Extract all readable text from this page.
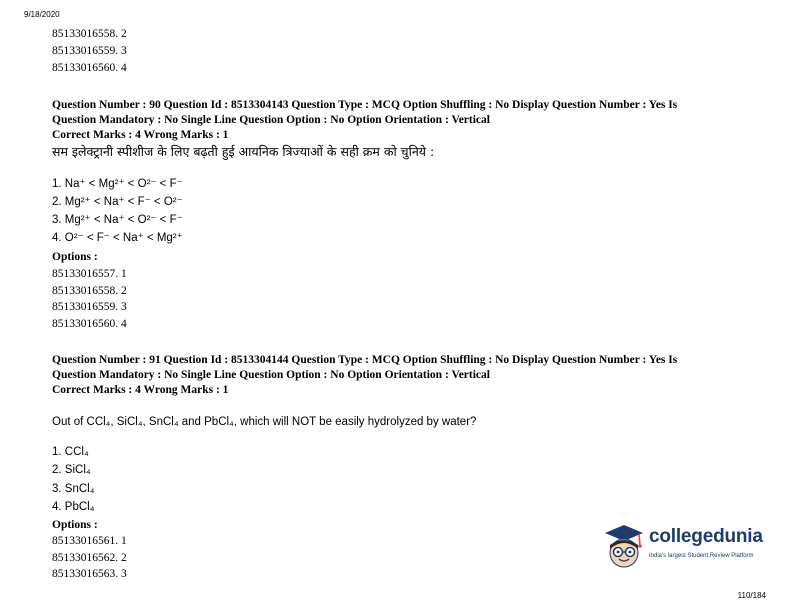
9/18/2020
85133016558. 2
85133016559. 3
85133016560. 4
Question Number : 90 Question Id : 8513304143 Question Type : MCQ Option Shuffling : No Display Question Number : Yes Is
Question Mandatory : No Single Line Question Option : No Option Orientation : Vertical
Correct Marks : 4 Wrong Marks : 1
सम इलेक्ट्रानी स्पीशीज के लिए बढ़ती हुई आयनिक त्रिज्याओं के सही क्रम को चुनिये :
1. Na⁺ < Mg²⁺ < O²⁻ < F⁻
2. Mg²⁺ < Na⁺ < F⁻ < O²⁻
3. Mg²⁺ < Na⁺ < O²⁻ < F⁻
4. O²⁻ < F⁻ < Na⁺ < Mg²⁺
Options :
85133016557. 1
85133016558. 2
85133016559. 3
85133016560. 4
Question Number : 91 Question Id : 8513304144 Question Type : MCQ Option Shuffling : No Display Question Number : Yes Is
Question Mandatory : No Single Line Question Option : No Option Orientation : Vertical
Correct Marks : 4 Wrong Marks : 1
Out of CCl₄, SiCl₄, SnCl₄ and PbCl₄, which will NOT be easily hydrolyzed by water?
1. CCl₄
2. SiCl₄
3. SnCl₄
4. PbCl₄
Options :
85133016561. 1
85133016562. 2
85133016563. 3
collegedunia
India's largest Student Review Platform
110/184
